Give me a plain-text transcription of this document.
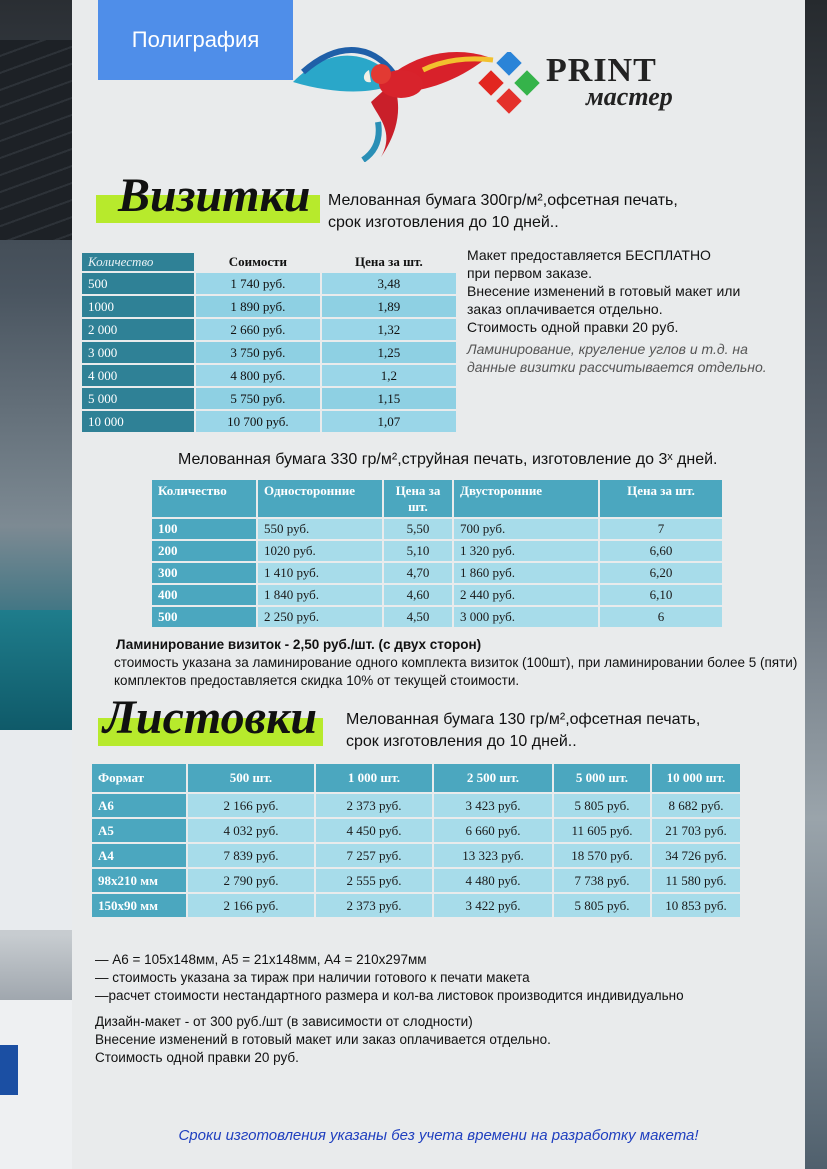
Полиграфия
PRINT
мастер
Визитки Мелованная бумага 300гр/м²,офсетная печать,
срок изготовления до 10 дней..
Количество	Соимости	Цена за шт.
500	1 740 руб.	3,48
1000	1 890 руб.	1,89
2 000	2 660 руб.	1,32
3 000	3 750 руб.	1,25
4 000	4 800 руб.	1,2
5 000	5 750 руб.	1,15
10 000	10 700 руб.	1,07
Макет предоставляется БЕСПЛАТНО
при первом заказе.
Внесение изменений в готовый макет или
заказ оплачивается отдельно.
Стоимость одной правки 20 руб.
Ламинирование, кругление углов и т.д. на данные визитки рассчитывается отдельно.
Мелованная бумага 330 гр/м²,струйная печать, изготовление до 3ˣ дней.
Количество	Односторонние	Цена за шт.	Двусторонние	Цена за шт.
100	550 руб.	5,50	700 руб.	7
200	1020 руб.	5,10	1 320 руб.	6,60
300	1 410 руб.	4,70	1 860 руб.	6,20
400	1 840 руб.	4,60	2 440 руб.	6,10
500	2 250 руб.	4,50	3 000 руб.	6
Ламинирование визиток - 2,50 руб./шт. (с двух сторон)
стоимость указана за ламинирование одного комплекта визиток (100шт), при ламинировании более 5 (пяти) комплектов предоставляется скидка 10% от текущей стоимости.
Листовки Мелованная бумага 130 гр/м²,офсетная печать,
срок изготовления до 10 дней..
Формат	500 шт.	1 000 шт.	2 500 шт.	5 000 шт.	10 000 шт.
А6	2 166 руб.	2 373 руб.	3 423 руб.	5 805 руб.	8 682 руб.
А5	4 032 руб.	4 450 руб.	6 660 руб.	11 605 руб.	21 703 руб.
А4	7 839 руб.	7 257 руб.	13 323 руб.	18 570 руб.	34 726 руб.
98x210 мм	2 790 руб.	2 555 руб.	4 480 руб.	7 738 руб.	11 580 руб.
150x90 мм	2 166 руб.	2 373 руб.	3 422 руб.	5 805 руб.	10 853 руб.
— А6 = 105x148мм, А5 = 21x148мм, А4 = 210x297мм
— стоимость указана за тираж при наличии готового к печати макета
—расчет стоимости нестандартного размера и кол-ва листовок производится индивидуально
Дизайн-макет - от 300 руб./шт (в зависимости от слодности)
Внесение изменений в готовый макет или заказ оплачивается отдельно.
Стоимость одной правки 20 руб.
Сроки изготовления указаны без учета времени на разработку макета!
